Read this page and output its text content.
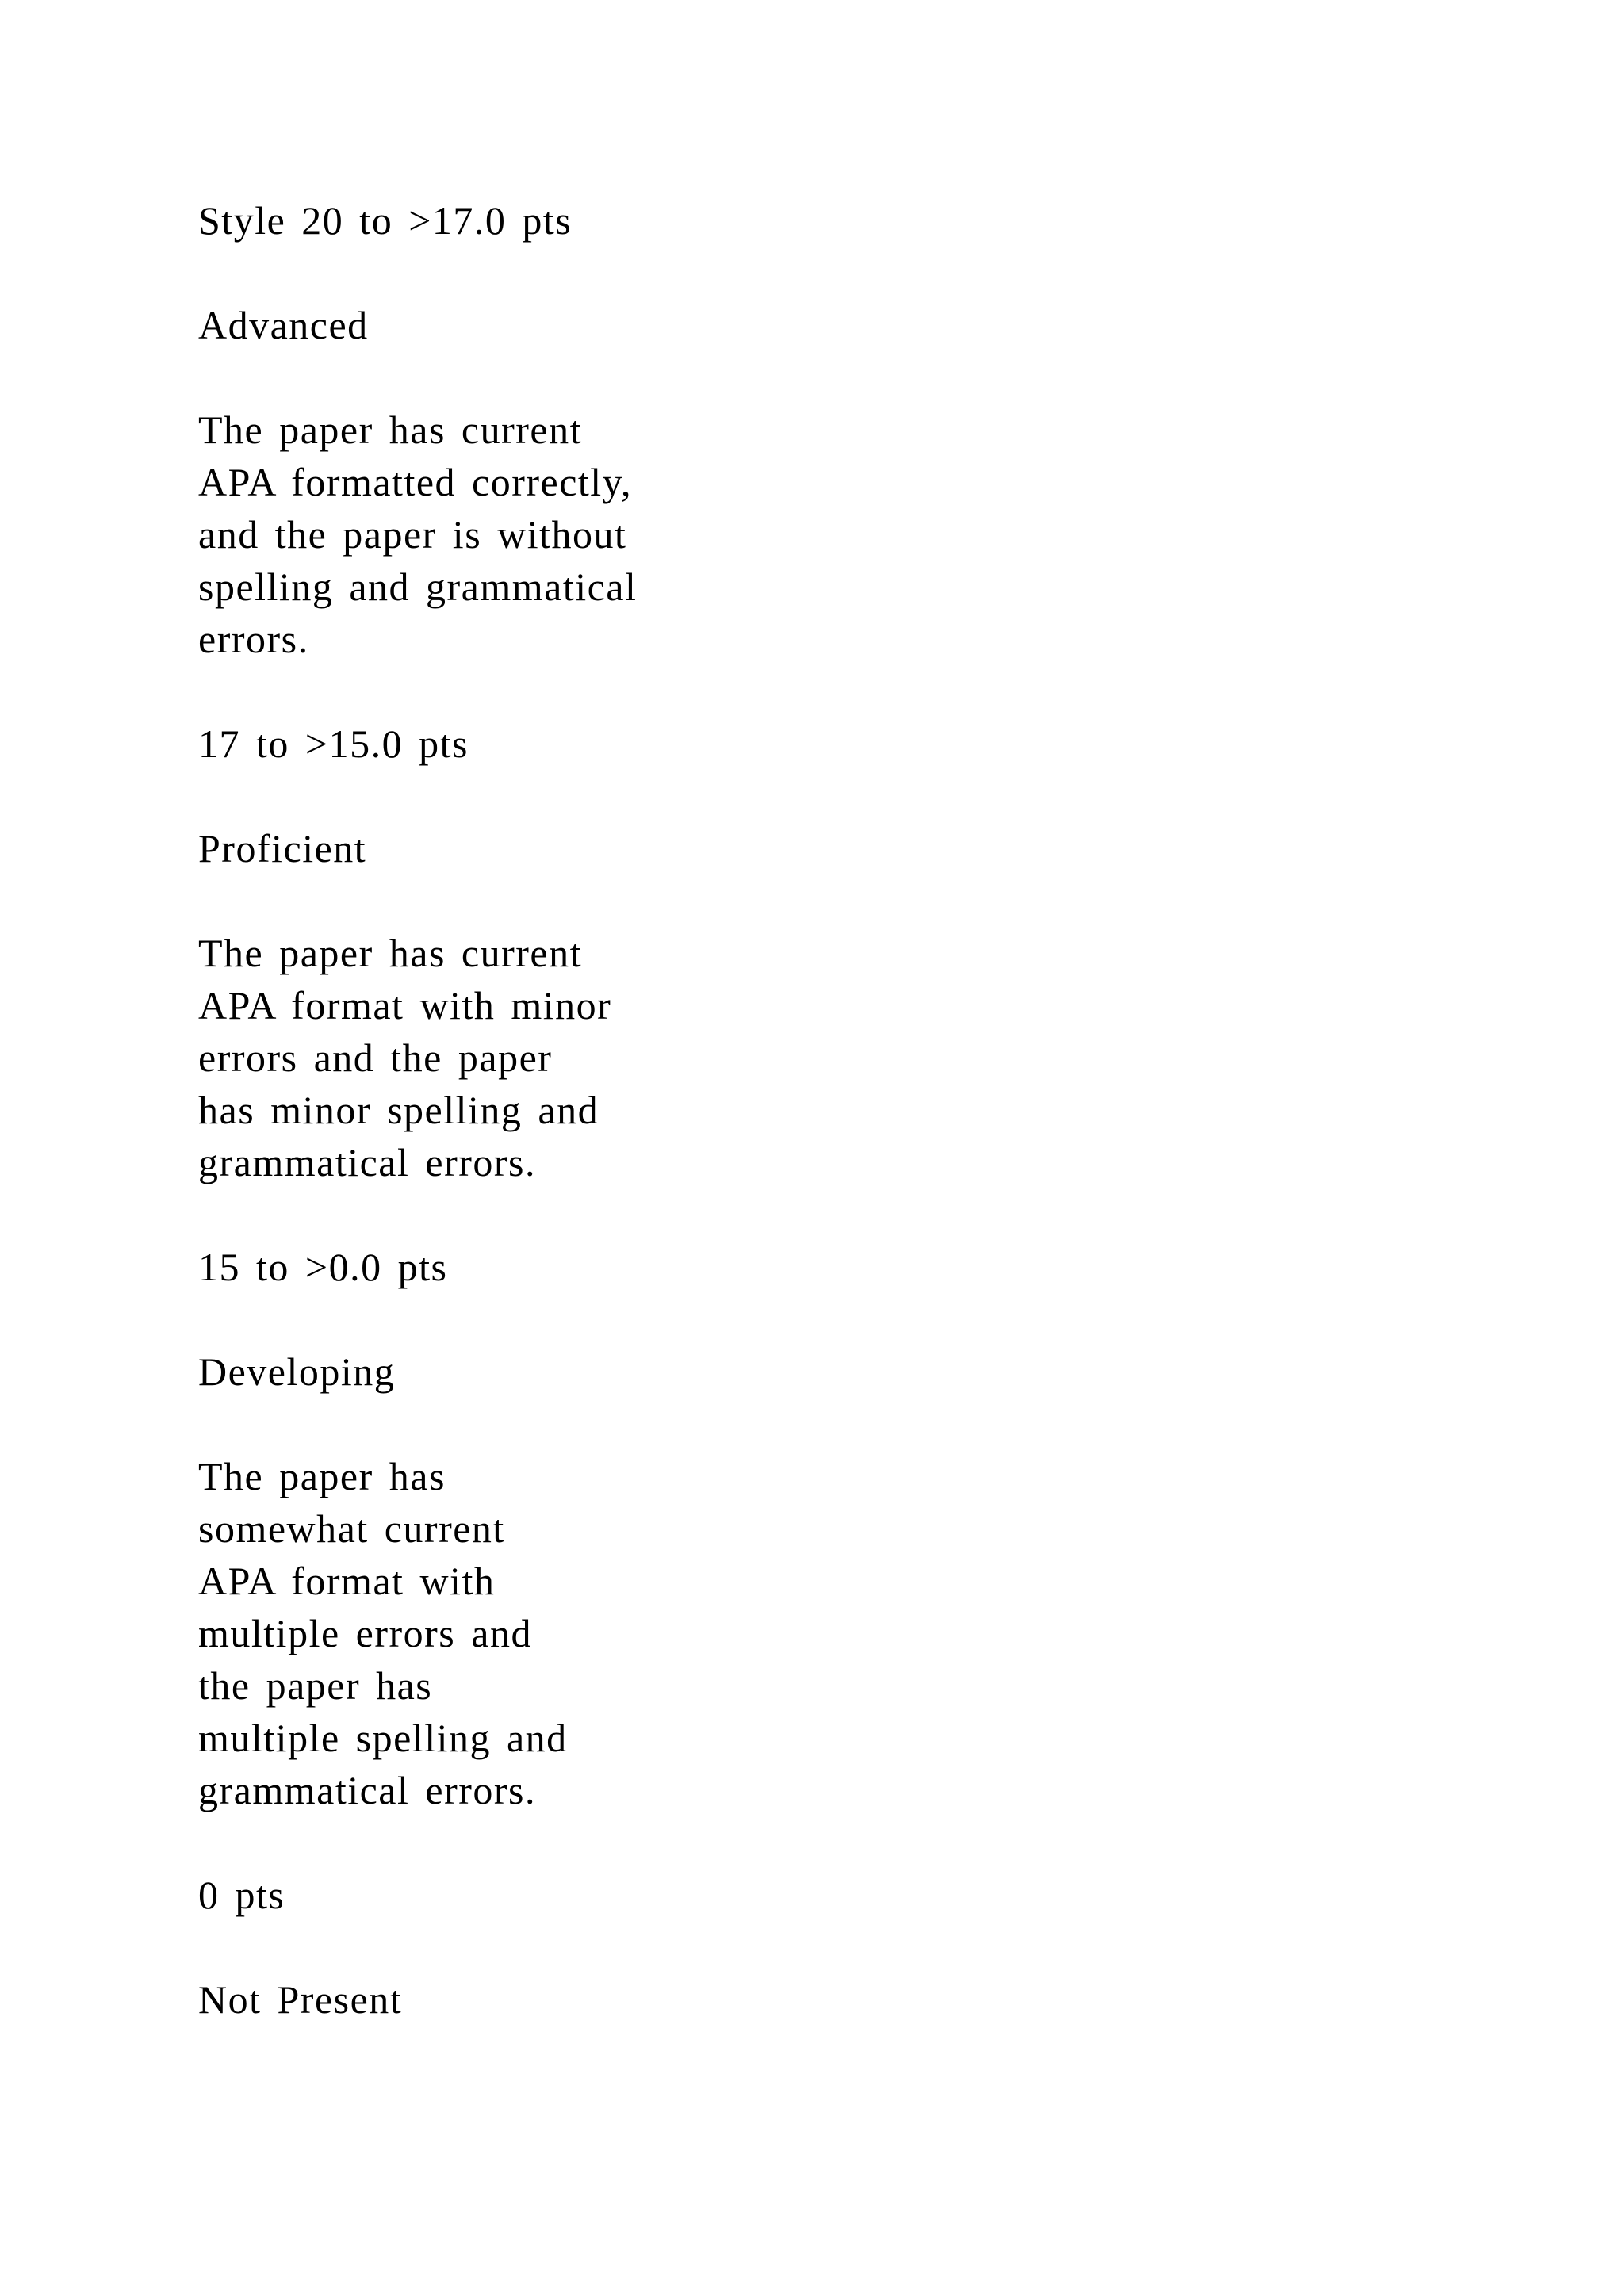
Style 20 to >17.0 pts
Advanced
The paper has current
APA formatted correctly,
and the paper is without
spelling and grammatical
errors.
17 to >15.0 pts
Proficient
The paper has current
APA format with minor
errors and the paper
has minor spelling and
grammatical errors.
15 to >0.0 pts
Developing
The paper has
somewhat current
APA format with
multiple errors and
the paper has
multiple spelling and
grammatical errors.
0 pts
Not Present
